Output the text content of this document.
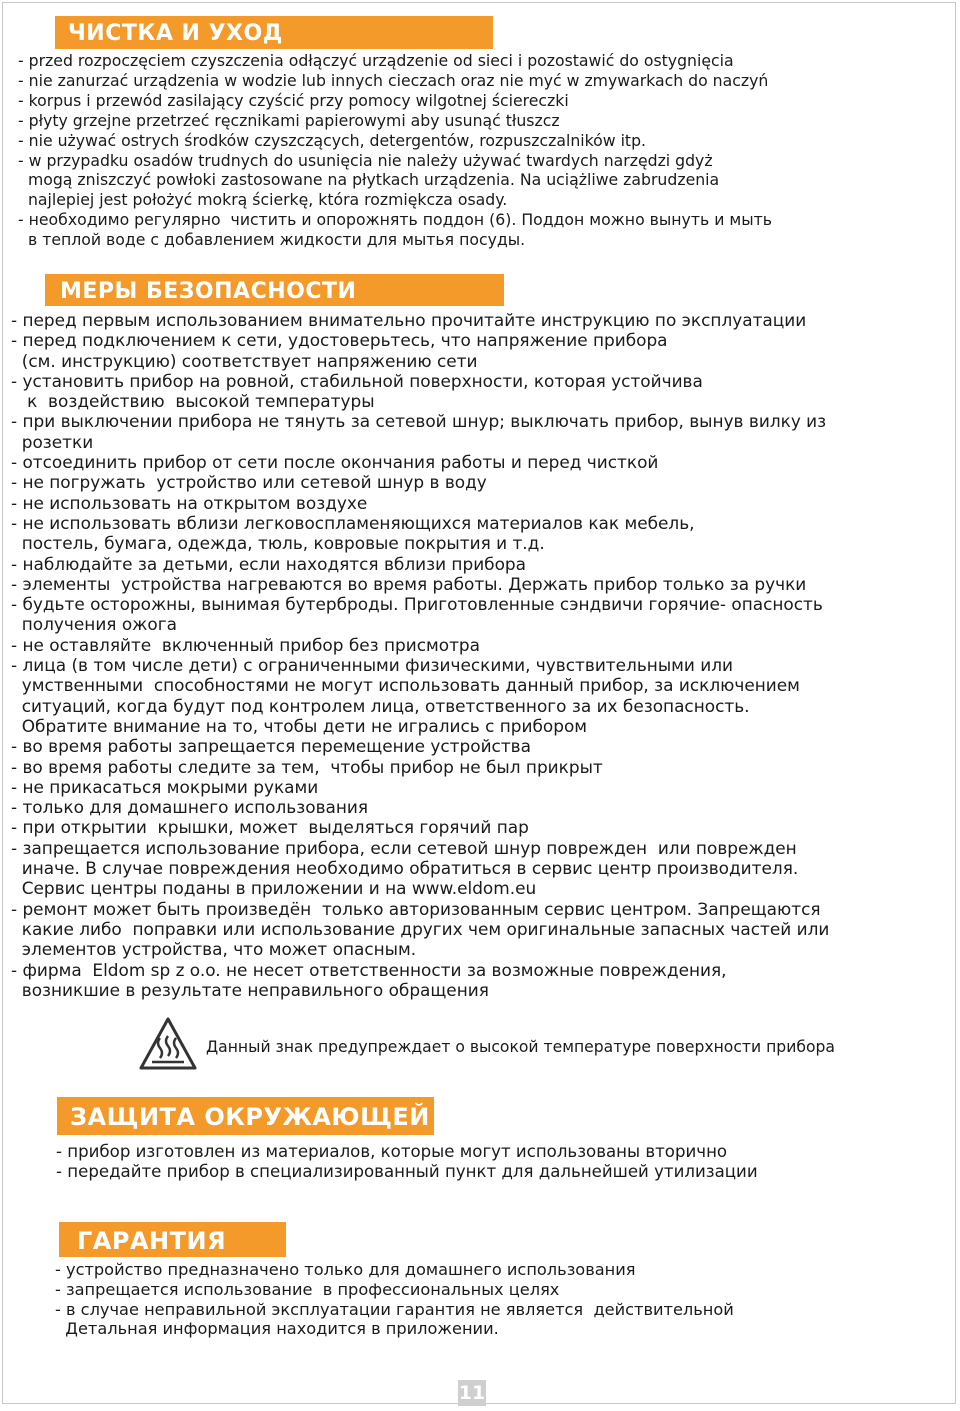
ЧИСТКА И УХОД
- przed rozpoczęciem czyszczenia odłączyć urządzenie od sieci i pozostawić do ostygnięcia
- nie zanurzać urządzenia w wodzie lub innych cieczach oraz nie myć w zmywarkach do naczyń
- korpus i przewód zasilający czyścić przy pomocy wilgotnej ściereczki
- płyty grzejne przetrzeć ręcznikami papierowymi aby usunąć tłuszcz
- nie używać ostrych środków czyszczących, detergentów, rozpuszczalników itp.
- w przypadku osadów trudnych do usunięcia nie należy używać twardych narzędzi gdyż
mogą zniszczyć powłoki zastosowane na płytkach urządzenia. Na uciążliwe zabrudzenia
najlepiej jest położyć mokrą ścierkę, która rozmiękcza osady.
- необходимо регулярно  чистить и опорожнять поддон (6). Поддон можно вынуть и мыть
в теплой воде с добавлением жидкости для мытья посуды.
МЕРЫ БЕЗОПАСНОСТИ
- перед первым использованием внимательно прочитайте инструкцию по эксплуатации
- перед подключением к сети, удостоверьтесь, что напряжение прибора
(см. инструкцию) соответствует напряжению сети
- установить прибор на ровной, стабильной поверхности, которая устойчива
к  воздействию  высокой температуры
- при выключении прибора не тянуть за сетевой шнур; выключать прибор, вынув вилку из
розетки
- отсоединить прибор от сети после окончания работы и перед чисткой
- не погружать  устройство или сетевой шнур в воду
- не использовать на открытом воздухе
- не использовать вблизи легковоспламеняющихся материалов как мебель,
постель, бумага, одежда, тюль, ковровые покрытия и т.д.
- наблюдайте за детьми, если находятся вблизи прибора
- элементы  устройства нагреваются во время работы. Держать прибор только за ручки
- будьте осторожны, вынимая бутерброды. Приготовленные сэндвичи горячие- опасность
получения ожога
- не оставляйте  включенный прибор без присмотра
- лица (в том числе дети) с ограниченными физическими, чувствительными или
умственными  способностями не могут использовать данный прибор, за исключением
ситуаций, когда будут под контролем лица, ответственного за их безопасность.
Обратите внимание на то, чтобы дети не игрались с прибором
- во время работы запрещается перемещение устройства
- во время работы следите за тем,  чтобы прибор не был прикрыт
- не прикасаться мокрыми руками
- только для домашнего использования
- при открытии  крышки, может  выделяться горячий пар
- запрещается использование прибора, если сетевой шнур поврежден  или поврежден
иначе. В случае повреждения необходимо обратиться в сервис центр производителя.
Сервис центры поданы в приложении и на www.eldom.eu
- ремонт может быть произведён  только авторизованным сервис центром. Запрещаются
какие либо  поправки или использование других чем оригинальные запасных частей или
элементов устройства, что может опасным.
- фирма  Eldom sp z o.o. не несет ответственности за возможные повреждения,
возникшие в результате неправильного обращения
Данный знак предупреждает о высокой температуре поверхности прибора
ЗАЩИТА ОКРУЖАЮЩЕЙ
- прибор изготовлен из материалов, которые могут использованы вторично
- передайте прибор в специализированный пункт для дальнейшей утилизации
ГАРАНТИЯ
- устройство предназначено только для домашнего использования
- запрещается использование  в профессиональных целях
- в случае неправильной эксплуатации гарантия не является  действительной
Детальная информация находится в приложении.
11
